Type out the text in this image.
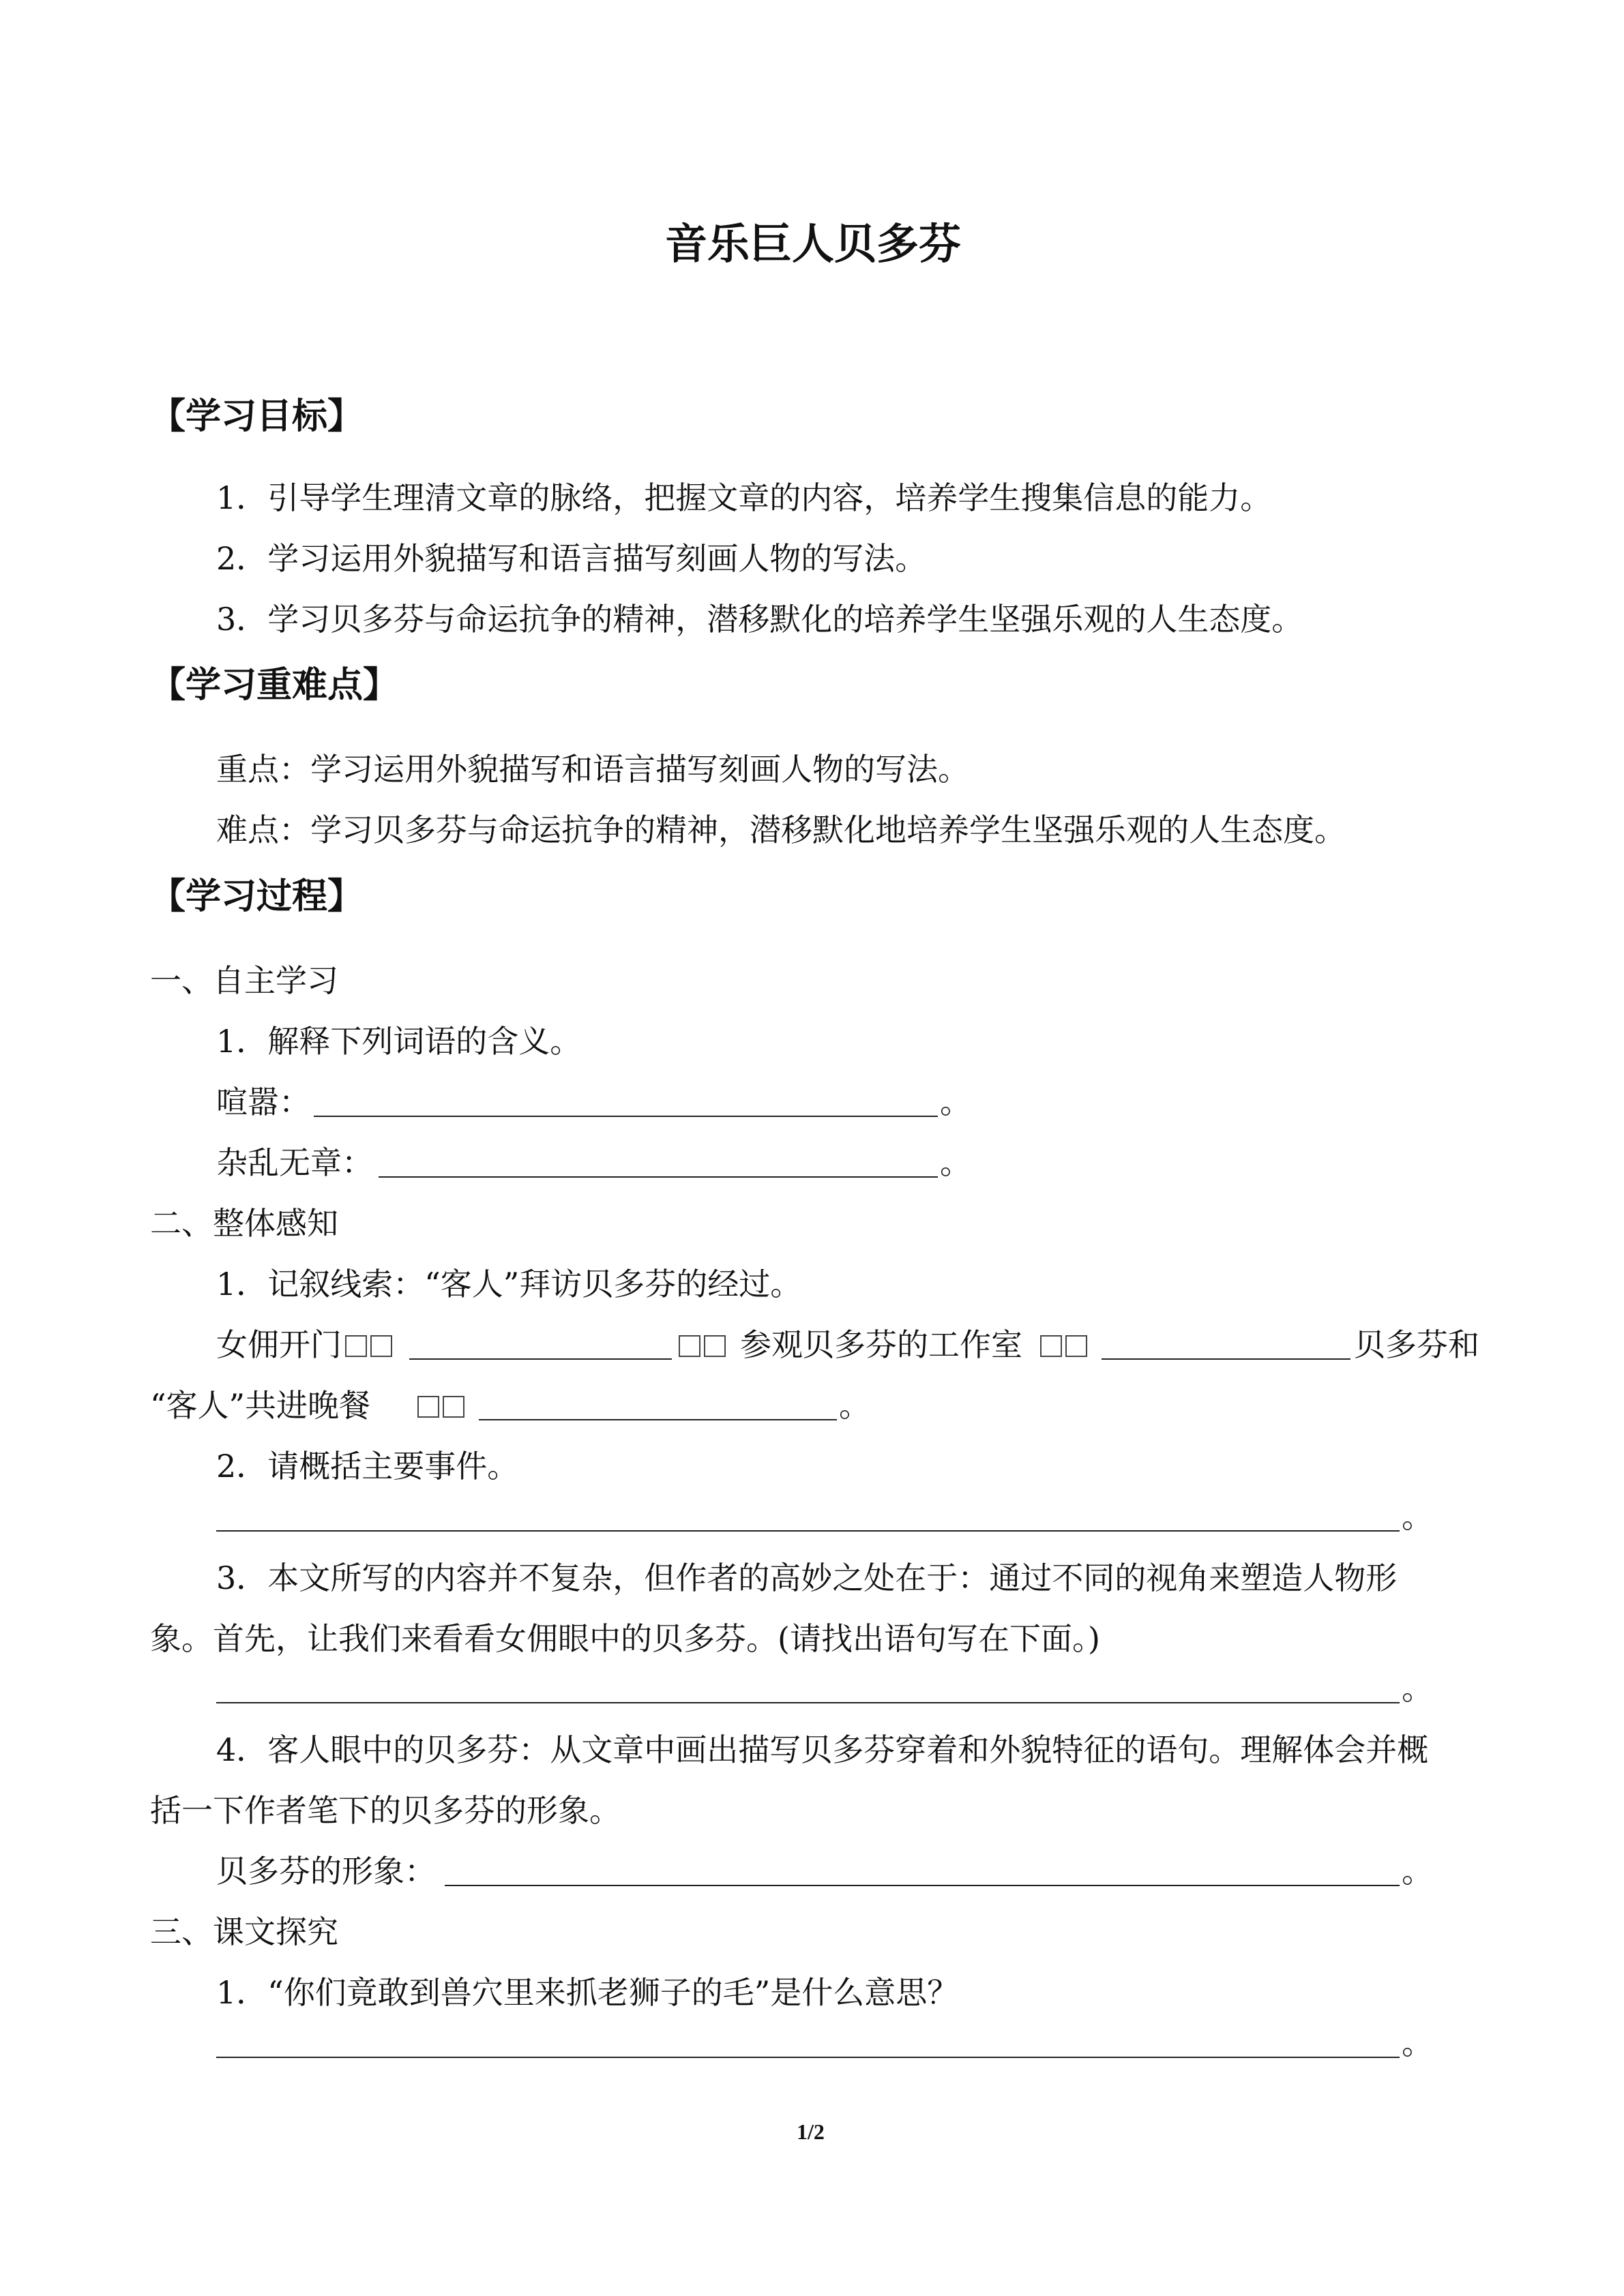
音乐巨人贝多芬
【学习目标】
1．引导学生理清文章的脉络，把握文章的内容，培养学生搜集信息的能力。
2．学习运用外貌描写和语言描写刻画人物的写法。
3．学习贝多芬与命运抗争的精神，潜移默化的培养学生坚强乐观的人生态度。
【学习重难点】
重点：学习运用外貌描写和语言描写刻画人物的写法。
难点：学习贝多芬与命运抗争的精神，潜移默化地培养学生坚强乐观的人生态度。
【学习过程】
一、自主学习
1．解释下列词语的含义。
喧嚣：	。
杂乱无章：	。
二、整体感知
1．记叙线索：“客人”拜访贝多芬的经过。
女佣开门	参观贝多芬的工作室	贝多芬和
“客人”共进晚餐	。
2．请概括主要事件。
。
3．本文所写的内容并不复杂，但作者的高妙之处在于：通过不同的视角来塑造人物形
象。首先，让我们来看看女佣眼中的贝多芬。(请找出语句写在下面。)
。
4．客人眼中的贝多芬：从文章中画出描写贝多芬穿着和外貌特征的语句。理解体会并概
括一下作者笔下的贝多芬的形象。
贝多芬的形象：	。
三、课文探究
1．“你们竟敢到兽穴里来抓老狮子的毛”是什么意思？
。
1/2
